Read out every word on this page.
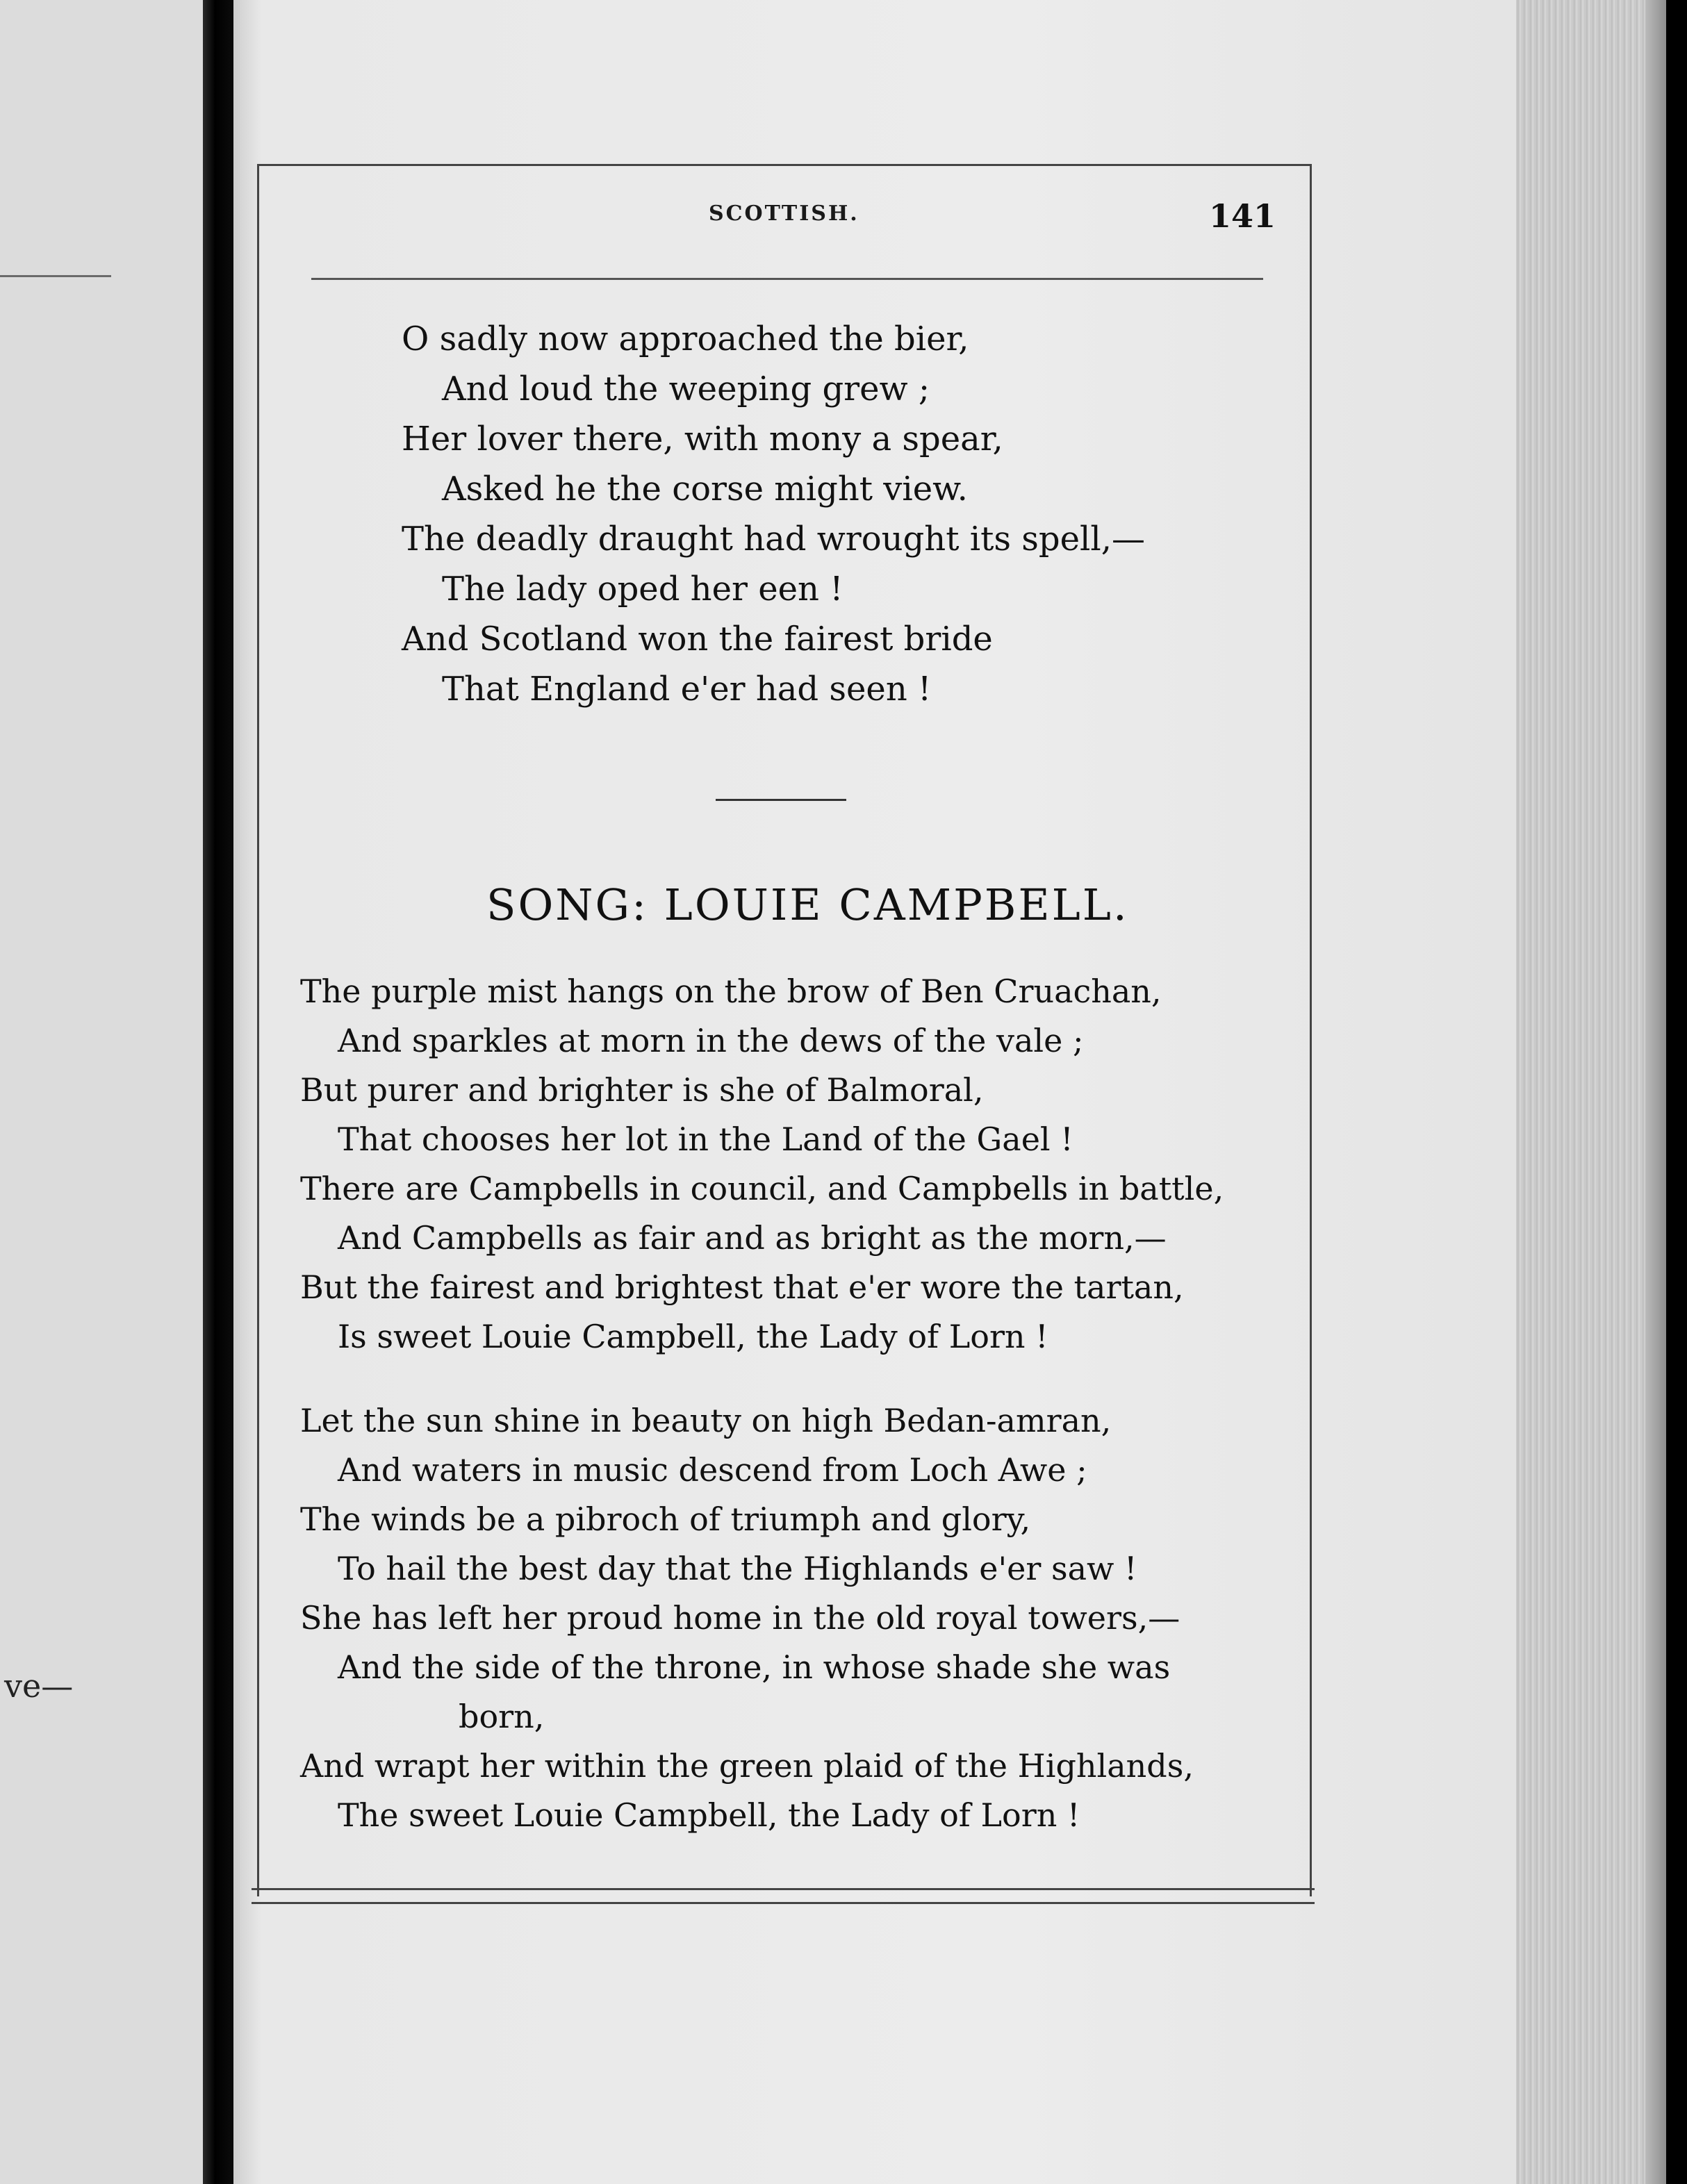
ve—
SCOTTISH.	141
O sadly now approached the bier,
And loud the weeping grew ;
Her lover there, with mony a spear,
Asked he the corse might view.
The deadly draught had wrought its spell,—
The lady oped her een !
And Scotland won the fairest bride
That England e'er had seen !
SONG: LOUIE CAMPBELL.
The purple mist hangs on the brow of Ben Cruachan,
And sparkles at morn in the dews of the vale ;
But purer and brighter is she of Balmoral,
That chooses her lot in the Land of the Gael !
There are Campbells in council, and Campbells in battle,
And Campbells as fair and as bright as the morn,—
But the fairest and brightest that e'er wore the tartan,
Is sweet Louie Campbell, the Lady of Lorn !
Let the sun shine in beauty on high Bedan-amran,
And waters in music descend from Loch Awe ;
The winds be a pibroch of triumph and glory,
To hail the best day that the Highlands e'er saw !
She has left her proud home in the old royal towers,—
And the side of the throne, in whose shade she was
born,
And wrapt her within the green plaid of the Highlands,
The sweet Louie Campbell, the Lady of Lorn !
